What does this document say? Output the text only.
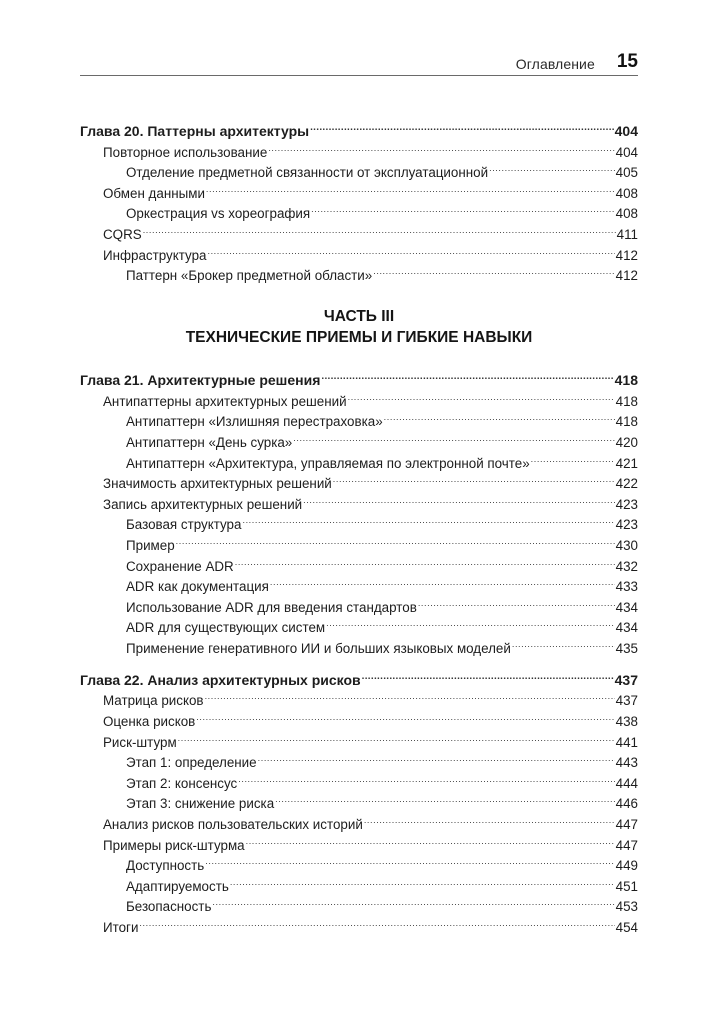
Оглавление 15
Глава 20. Паттерны архитектуры .....	404
Повторное использование .....	404
Отделение предметной связанности от эксплуатационной .....	405
Обмен данными .....	408
Оркестрация vs хореография .....	408
CQRS .....	411
Инфраструктура .....	412
Паттерн «Брокер предметной области» .....	412
ЧАСТЬ III
ТЕХНИЧЕСКИЕ ПРИЕМЫ И ГИБКИЕ НАВЫКИ
Глава 21. Архитектурные решения .....	418
Антипаттерны архитектурных решений .....	418
Антипаттерн «Излишняя перестраховка» .....	418
Антипаттерн «День сурка» .....	420
Антипаттерн «Архитектура, управляемая по электронной почте» .....	421
Значимость архитектурных решений .....	422
Запись архитектурных решений .....	423
Базовая структура .....	423
Пример .....	430
Сохранение ADR .....	432
ADR как документация .....	433
Использование ADR для введения стандартов .....	434
ADR для существующих систем .....	434
Применение генеративного ИИ и больших языковых моделей .....	435
Глава 22. Анализ архитектурных рисков .....	437
Матрица рисков .....	437
Оценка рисков .....	438
Риск-штурм .....	441
Этап 1: определение .....	443
Этап 2: консенсус .....	444
Этап 3: снижение риска .....	446
Анализ рисков пользовательских историй .....	447
Примеры риск-штурма .....	447
Доступность .....	449
Адаптируемость .....	451
Безопасность .....	453
Итоги .....	454
